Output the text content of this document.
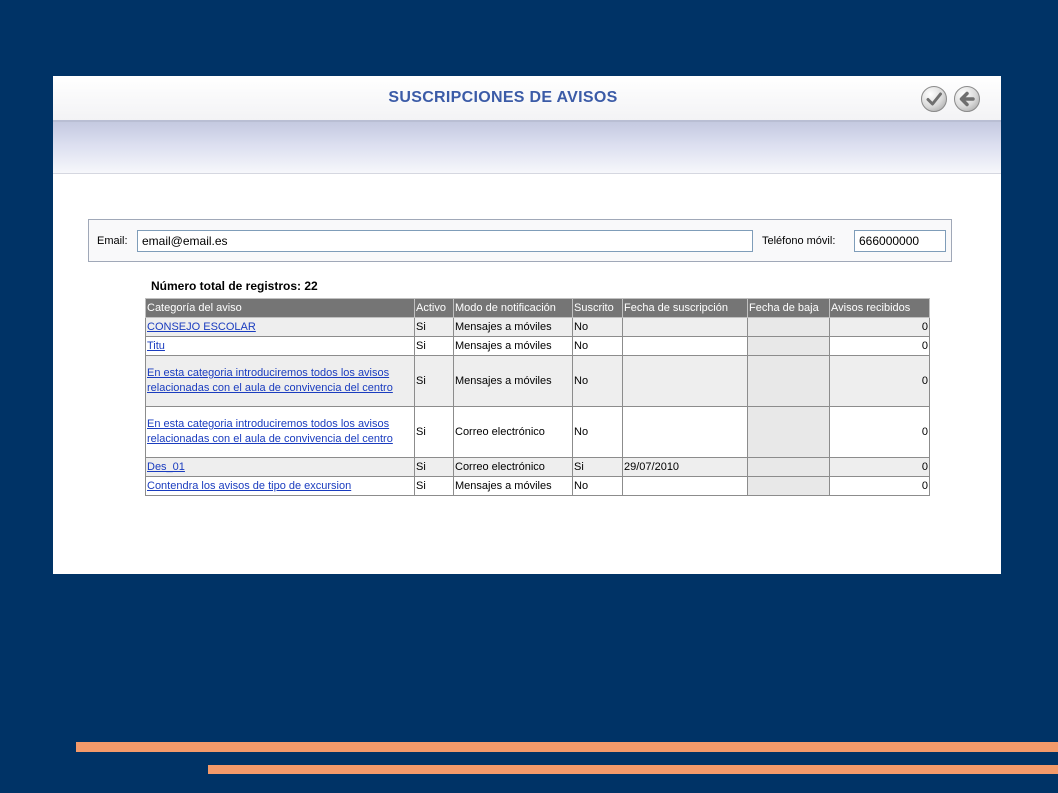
SUSCRIPCIONES DE AVISOS
Email:
email@email.es	Teléfono móvil:
666000000
Número total de registros: 22
Categoría del aviso	Activo	Modo de notificación	Suscrito	Fecha de suscripción	Fecha de baja	Avisos recibidos
CONSEJO ESCOLAR	Si	Mensajes a móviles	No			0
Titu	Si	Mensajes a móviles	No			0
En esta categoria introduciremos todos los avisos relacionadas con el aula de convivencia del centro	Si	Mensajes a móviles	No			0
En esta categoria introduciremos todos los avisos relacionadas con el aula de convivencia del centro	Si	Correo electrónico	No			0
Des_01	Si	Correo electrónico	Si	29/07/2010		0
Contendra los avisos de tipo de excursion	Si	Mensajes a móviles	No			0
